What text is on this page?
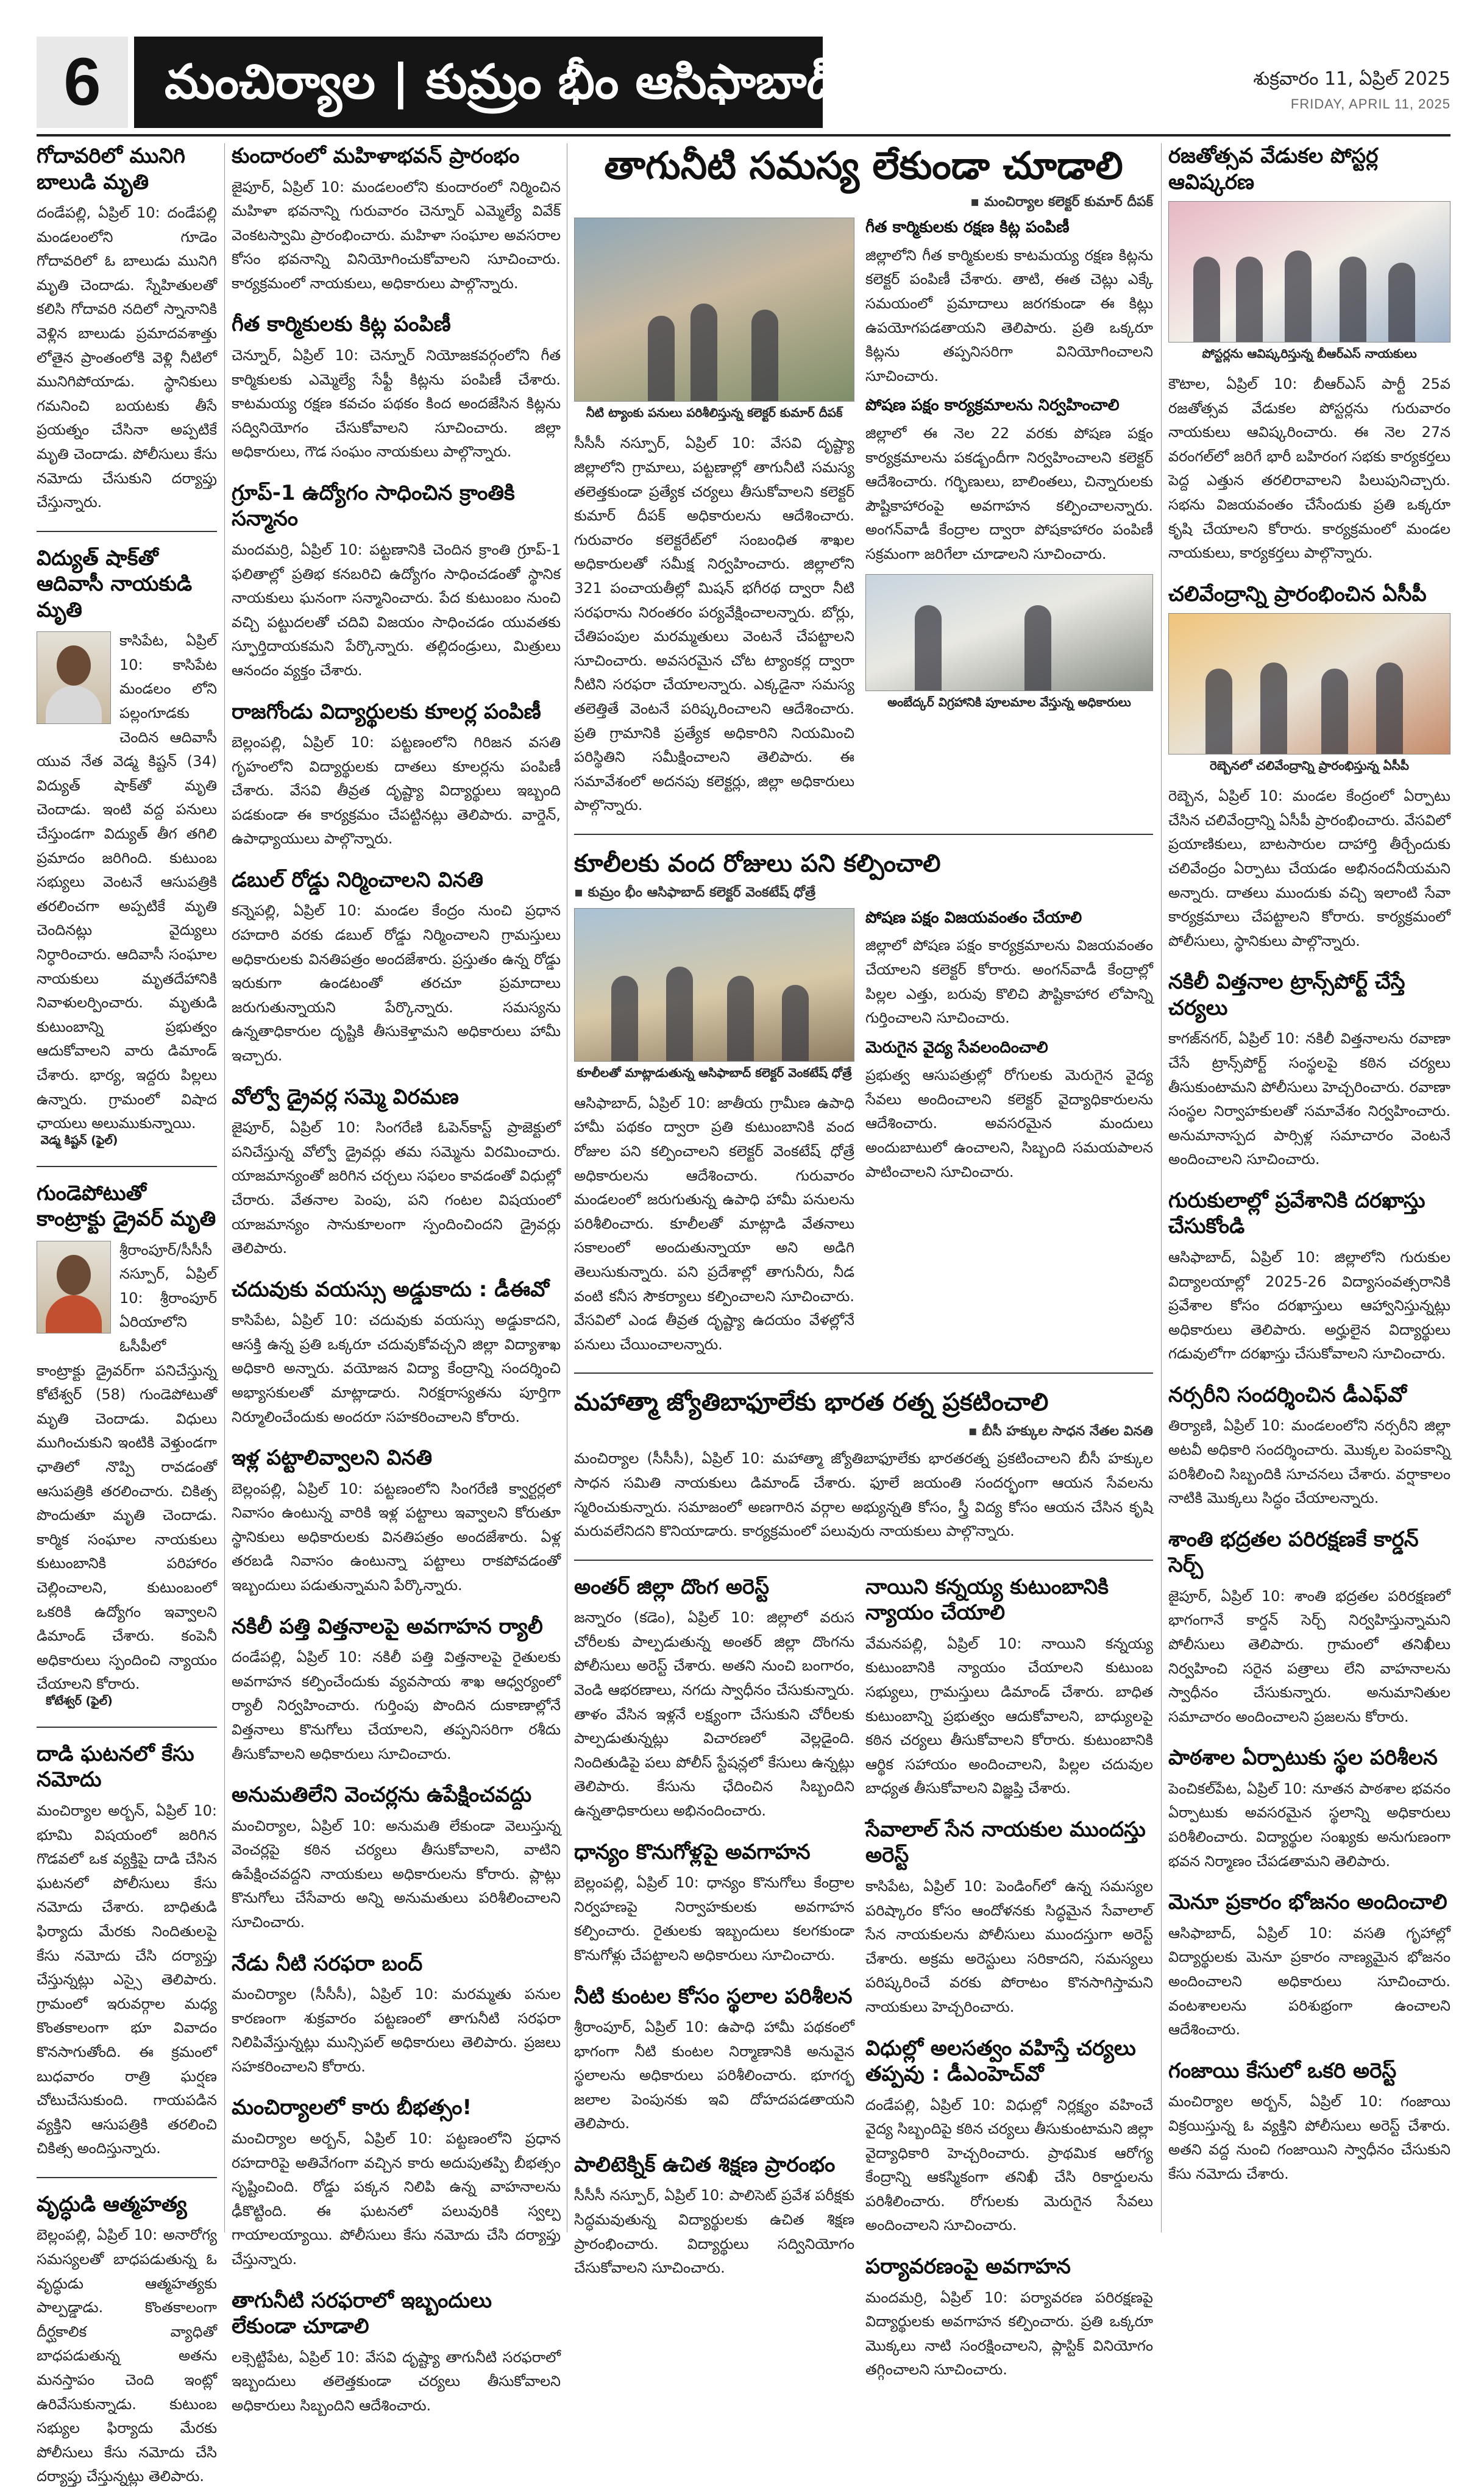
6	మంచిర్యాల | కుమ్రం భీం ఆసిఫాబాద్	శుక్రవారం 11, ఏప్రిల్ 2025
FRIDAY, APRIL 11, 2025
గోదావరిలో మునిగి బాలుడి మృతి

దండేపల్లి, ఏప్రిల్ 10: దండేపల్లి మండలంలోని గూడెం గోదావరిలో ఓ బాలుడు మునిగి మృతి చెందాడు. స్నేహితులతో కలిసి గోదావరి నదిలో స్నానానికి వెళ్లిన బాలుడు ప్రమాదవశాత్తు లోతైన ప్రాంతంలోకి వెళ్లి నీటిలో మునిగిపోయాడు. స్థానికులు గమనించి బయటకు తీసే ప్రయత్నం చేసినా అప్పటికే మృతి చెందాడు. పోలీసులు కేసు నమోదు చేసుకుని దర్యాప్తు చేస్తున్నారు.

విద్యుత్ షాక్‌తో ఆదివాసీ నాయకుడి మృతి

కాసిపేట, ఏప్రిల్ 10: కాసిపేట మండలం లోని పల్లంగూడకు చెందిన ఆదివాసీ యువ నేత వెడ్మ కిష్టన్ (34) విద్యుత్ షాక్‌తో మృతి చెందాడు. ఇంటి వద్ద పనులు చేస్తుండగా విద్యుత్ తీగ తగిలి ప్రమాదం జరిగింది. కుటుంబ సభ్యులు వెంటనే ఆసుపత్రికి తరలించగా అప్పటికే మృతి చెందినట్లు వైద్యులు నిర్ధారించారు. ఆదివాసీ సంఘాల నాయకులు మృతదేహానికి నివాళులర్పించారు. మృతుడి కుటుంబాన్ని ప్రభుత్వం ఆదుకోవాలని వారు డిమాండ్ చేశారు. భార్య, ఇద్దరు పిల్లలు ఉన్నారు. గ్రామంలో విషాద ఛాయలు అలుముకున్నాయి.

వెడ్మ కిష్టన్ (ఫైల్)
గుండెపోటుతో కాంట్రాక్టు డ్రైవర్ మృతి

శ్రీరాంపూర్/సీసీసీ నస్పూర్, ఏప్రిల్ 10: శ్రీరాంపూర్ ఏరియాలోని ఓసీపీలో కాంట్రాక్టు డ్రైవర్‌గా పనిచేస్తున్న కోటేశ్వర్ (58) గుండెపోటుతో మృతి చెందాడు. విధులు ముగించుకుని ఇంటికి వెళ్తుండగా ఛాతిలో నొప్పి రావడంతో ఆసుపత్రికి తరలించారు. చికిత్స పొందుతూ మృతి చెందాడు. కార్మిక సంఘాల నాయకులు కుటుంబానికి పరిహారం చెల్లించాలని, కుటుంబంలో ఒకరికి ఉద్యోగం ఇవ్వాలని డిమాండ్ చేశారు. కంపెనీ అధికారులు స్పందించి న్యాయం చేయాలని కోరారు.

కోటేశ్వర్ (ఫైల్)
దాడి ఘటనలో కేసు నమోదు

మంచిర్యాల అర్బన్, ఏప్రిల్ 10: భూమి విషయంలో జరిగిన గొడవలో ఒక వ్యక్తిపై దాడి చేసిన ఘటనలో పోలీసులు కేసు నమోదు చేశారు. బాధితుడి ఫిర్యాదు మేరకు నిందితులపై కేసు నమోదు చేసి దర్యాప్తు చేస్తున్నట్లు ఎస్సై తెలిపారు. గ్రామంలో ఇరువర్గాల మధ్య కొంతకాలంగా భూ వివాదం కొనసాగుతోంది. ఈ క్రమంలో బుధవారం రాత్రి ఘర్షణ చోటుచేసుకుంది. గాయపడిన వ్యక్తిని ఆసుపత్రికి తరలించి చికిత్స అందిస్తున్నారు.

వృద్ధుడి ఆత్మహత్య

బెల్లంపల్లి, ఏప్రిల్ 10: అనారోగ్య సమస్యలతో బాధపడుతున్న ఓ వృద్ధుడు ఆత్మహత్యకు పాల్పడ్డాడు. కొంతకాలంగా దీర్ఘకాలిక వ్యాధితో బాధపడుతున్న అతను మనస్తాపం చెంది ఇంట్లో ఉరివేసుకున్నాడు. కుటుంబ సభ్యుల ఫిర్యాదు మేరకు పోలీసులు కేసు నమోదు చేసి దర్యాప్తు చేస్తున్నట్లు తెలిపారు.

కుందారంలో మహిళాభవన్ ప్రారంభం

జైపూర్, ఏప్రిల్ 10: మండలంలోని కుందారంలో నిర్మించిన మహిళా భవనాన్ని గురువారం చెన్నూర్ ఎమ్మెల్యే వివేక్ వెంకటస్వామి ప్రారంభించారు. మహిళా సంఘాల అవసరాల కోసం భవనాన్ని వినియోగించుకోవాలని సూచించారు. కార్యక్రమంలో నాయకులు, అధికారులు పాల్గొన్నారు.

గీత కార్మికులకు కిట్ల పంపిణీ

చెన్నూర్, ఏప్రిల్ 10: చెన్నూర్ నియోజకవర్గంలోని గీత కార్మికులకు ఎమ్మెల్యే సేఫ్టీ కిట్లను పంపిణీ చేశారు. కాటమయ్య రక్షణ కవచం పథకం కింద అందజేసిన కిట్లను సద్వినియోగం చేసుకోవాలని సూచించారు. జిల్లా అధికారులు, గౌడ సంఘం నాయకులు పాల్గొన్నారు.

గ్రూప్-1 ఉద్యోగం సాధించిన క్రాంతికి సన్మానం

మందమర్రి, ఏప్రిల్ 10: పట్టణానికి చెందిన క్రాంతి గ్రూప్-1 ఫలితాల్లో ప్రతిభ కనబరిచి ఉద్యోగం సాధించడంతో స్థానిక నాయకులు ఘనంగా సన్మానించారు. పేద కుటుంబం నుంచి వచ్చి పట్టుదలతో చదివి విజయం సాధించడం యువతకు స్ఫూర్తిదాయకమని పేర్కొన్నారు. తల్లిదండ్రులు, మిత్రులు ఆనందం వ్యక్తం చేశారు.

రాజగోండు విద్యార్థులకు కూలర్ల పంపిణీ

బెల్లంపల్లి, ఏప్రిల్ 10: పట్టణంలోని గిరిజన వసతి గృహంలోని విద్యార్థులకు దాతలు కూలర్లను పంపిణీ చేశారు. వేసవి తీవ్రత దృష్ట్యా విద్యార్థులు ఇబ్బంది పడకుండా ఈ కార్యక్రమం చేపట్టినట్లు తెలిపారు. వార్డెన్, ఉపాధ్యాయులు పాల్గొన్నారు.

డబుల్ రోడ్డు నిర్మించాలని వినతి

కన్నెపల్లి, ఏప్రిల్ 10: మండల కేంద్రం నుంచి ప్రధాన రహదారి వరకు డబుల్ రోడ్డు నిర్మించాలని గ్రామస్తులు అధికారులకు వినతిపత్రం అందజేశారు. ప్రస్తుతం ఉన్న రోడ్డు ఇరుకుగా ఉండటంతో తరచూ ప్రమాదాలు జరుగుతున్నాయని పేర్కొన్నారు. సమస్యను ఉన్నతాధికారుల దృష్టికి తీసుకెళ్తామని అధికారులు హామీ ఇచ్చారు.

వోల్వో డ్రైవర్ల సమ్మె విరమణ

జైపూర్, ఏప్రిల్ 10: సింగరేణి ఓపెన్‌కాస్ట్ ప్రాజెక్టులో పనిచేస్తున్న వోల్వో డ్రైవర్లు తమ సమ్మెను విరమించారు. యాజమాన్యంతో జరిగిన చర్చలు సఫలం కావడంతో విధుల్లో చేరారు. వేతనాల పెంపు, పని గంటల విషయంలో యాజమాన్యం సానుకూలంగా స్పందించిందని డ్రైవర్లు తెలిపారు.

చదువుకు వయస్సు అడ్డుకాదు : డీఈవో

కాసిపేట, ఏప్రిల్ 10: చదువుకు వయస్సు అడ్డుకాదని, ఆసక్తి ఉన్న ప్రతి ఒక్కరూ చదువుకోవచ్చని జిల్లా విద్యాశాఖ అధికారి అన్నారు. వయోజన విద్యా కేంద్రాన్ని సందర్శించి అభ్యాసకులతో మాట్లాడారు. నిరక్షరాస్యతను పూర్తిగా నిర్మూలించేందుకు అందరూ సహకరించాలని కోరారు.

ఇళ్ల పట్టాలివ్వాలని వినతి

బెల్లంపల్లి, ఏప్రిల్ 10: పట్టణంలోని సింగరేణి క్వార్టర్లలో నివాసం ఉంటున్న వారికి ఇళ్ల పట్టాలు ఇవ్వాలని కోరుతూ స్థానికులు అధికారులకు వినతిపత్రం అందజేశారు. ఏళ్ల తరబడి నివాసం ఉంటున్నా పట్టాలు రాకపోవడంతో ఇబ్బందులు పడుతున్నామని పేర్కొన్నారు.

నకిలీ పత్తి విత్తనాలపై అవగాహన ర్యాలీ

దండేపల్లి, ఏప్రిల్ 10: నకిలీ పత్తి విత్తనాలపై రైతులకు అవగాహన కల్పించేందుకు వ్యవసాయ శాఖ ఆధ్వర్యంలో ర్యాలీ నిర్వహించారు. గుర్తింపు పొందిన దుకాణాల్లోనే విత్తనాలు కొనుగోలు చేయాలని, తప్పనిసరిగా రశీదు తీసుకోవాలని అధికారులు సూచించారు.

అనుమతిలేని వెంచర్లను ఉపేక్షించవద్దు

మంచిర్యాల, ఏప్రిల్ 10: అనుమతి లేకుండా వెలుస్తున్న వెంచర్లపై కఠిన చర్యలు తీసుకోవాలని, వాటిని ఉపేక్షించవద్దని నాయకులు అధికారులను కోరారు. ప్లాట్లు కొనుగోలు చేసేవారు అన్ని అనుమతులు పరిశీలించాలని సూచించారు.

నేడు నీటి సరఫరా బంద్

మంచిర్యాల (సీసీసీ), ఏప్రిల్ 10: మరమ్మతు పనుల కారణంగా శుక్రవారం పట్టణంలో తాగునీటి సరఫరా నిలిపివేస్తున్నట్లు మున్సిపల్ అధికారులు తెలిపారు. ప్రజలు సహకరించాలని కోరారు.

మంచిర్యాలలో కారు బీభత్సం!

మంచిర్యాల అర్బన్, ఏప్రిల్ 10: పట్టణంలోని ప్రధాన రహదారిపై అతివేగంగా వచ్చిన కారు అదుపుతప్పి బీభత్సం సృష్టించింది. రోడ్డు పక్కన నిలిపి ఉన్న వాహనాలను ఢీకొట్టింది. ఈ ఘటనలో పలువురికి స్వల్ప గాయాలయ్యాయి. పోలీసులు కేసు నమోదు చేసి దర్యాప్తు చేస్తున్నారు.

తాగునీటి సరఫరాలో ఇబ్బందులు లేకుండా చూడాలి

లక్సెట్టిపేట, ఏప్రిల్ 10: వేసవి దృష్ట్యా తాగునీటి సరఫరాలో ఇబ్బందులు తలెత్తకుండా చర్యలు తీసుకోవాలని అధికారులు సిబ్బందిని ఆదేశించారు.

తాగునీటి సమస్య లేకుండా చూడాలి
▪ మంచిర్యాల కలెక్టర్ కుమార్ దీపక్
నీటి ట్యాంకు పనులు పరిశీలిస్తున్న కలెక్టర్ కుమార్ దీపక్

సీసీసీ నస్పూర్, ఏప్రిల్ 10: వేసవి దృష్ట్యా జిల్లాలోని గ్రామాలు, పట్టణాల్లో తాగునీటి సమస్య తలెత్తకుండా ప్రత్యేక చర్యలు తీసుకోవాలని కలెక్టర్ కుమార్ దీపక్ అధికారులను ఆదేశించారు. గురువారం కలెక్టరేట్‌లో సంబంధిత శాఖల అధికారులతో సమీక్ష నిర్వహించారు. జిల్లాలోని 321 పంచాయతీల్లో మిషన్ భగీరథ ద్వారా నీటి సరఫరాను నిరంతరం పర్యవేక్షించాలన్నారు. బోర్లు, చేతిపంపుల మరమ్మతులు వెంటనే చేపట్టాలని సూచించారు. అవసరమైన చోట ట్యాంకర్ల ద్వారా నీటిని సరఫరా చేయాలన్నారు. ఎక్కడైనా సమస్య తలెత్తితే వెంటనే పరిష్కరించాలని ఆదేశించారు. ప్రతి గ్రామానికి ప్రత్యేక అధికారిని నియమించి పరిస్థితిని సమీక్షించాలని తెలిపారు. ఈ సమావేశంలో అదనపు కలెక్టర్లు, జిల్లా అధికారులు పాల్గొన్నారు.

గీత కార్మికులకు రక్షణ కిట్ల పంపిణీ

జిల్లాలోని గీత కార్మికులకు కాటమయ్య రక్షణ కిట్లను కలెక్టర్ పంపిణీ చేశారు. తాటి, ఈత చెట్లు ఎక్కే సమయంలో ప్రమాదాలు జరగకుండా ఈ కిట్లు ఉపయోగపడతాయని తెలిపారు. ప్రతి ఒక్కరూ కిట్లను తప్పనిసరిగా వినియోగించాలని సూచించారు.

పోషణ పక్షం కార్యక్రమాలను నిర్వహించాలి

జిల్లాలో ఈ నెల 22 వరకు పోషణ పక్షం కార్యక్రమాలను పకడ్బందీగా నిర్వహించాలని కలెక్టర్ ఆదేశించారు. గర్భిణులు, బాలింతలు, చిన్నారులకు పౌష్టికాహారంపై అవగాహన కల్పించాలన్నారు. అంగన్‌వాడీ కేంద్రాల ద్వారా పోషకాహారం పంపిణీ సక్రమంగా జరిగేలా చూడాలని సూచించారు.

అంబేద్కర్ విగ్రహానికి పూలమాల వేస్తున్న అధికారులు
కూలీలకు వంద రోజులు పని కల్పించాలి
▪ కుమ్రం భీం ఆసిఫాబాద్ కలెక్టర్ వెంకటేష్ ధోత్రే
కూలీలతో మాట్లాడుతున్న ఆసిఫాబాద్ కలెక్టర్ వెంకటేష్ ధోత్రే

ఆసిఫాబాద్, ఏప్రిల్ 10: జాతీయ గ్రామీణ ఉపాధి హామీ పథకం ద్వారా ప్రతి కుటుంబానికి వంద రోజుల పని కల్పించాలని కలెక్టర్ వెంకటేష్ ధోత్రే అధికారులను ఆదేశించారు. గురువారం మండలంలో జరుగుతున్న ఉపాధి హామీ పనులను పరిశీలించారు. కూలీలతో మాట్లాడి వేతనాలు సకాలంలో అందుతున్నాయా అని అడిగి తెలుసుకున్నారు. పని ప్రదేశాల్లో తాగునీరు, నీడ వంటి కనీస సౌకర్యాలు కల్పించాలని సూచించారు. వేసవిలో ఎండ తీవ్రత దృష్ట్యా ఉదయం వేళల్లోనే పనులు చేయించాలన్నారు.

పోషణ పక్షం విజయవంతం చేయాలి

జిల్లాలో పోషణ పక్షం కార్యక్రమాలను విజయవంతం చేయాలని కలెక్టర్ కోరారు. అంగన్‌వాడీ కేంద్రాల్లో పిల్లల ఎత్తు, బరువు కొలిచి పౌష్టికాహార లోపాన్ని గుర్తించాలని సూచించారు.

మెరుగైన వైద్య సేవలందించాలి

ప్రభుత్వ ఆసుపత్రుల్లో రోగులకు మెరుగైన వైద్య సేవలు అందించాలని కలెక్టర్ వైద్యాధికారులను ఆదేశించారు. అవసరమైన మందులు అందుబాటులో ఉంచాలని, సిబ్బంది సమయపాలన పాటించాలని సూచించారు.

మహాత్మా జ్యోతిబాఫూలేకు భారత రత్న ప్రకటించాలి
▪ బీసీ హక్కుల సాధన నేతల వినతి

మంచిర్యాల (సీసీసీ), ఏప్రిల్ 10: మహాత్మా జ్యోతిబాఫూలేకు భారతరత్న ప్రకటించాలని బీసీ హక్కుల సాధన సమితి నాయకులు డిమాండ్ చేశారు. ఫూలే జయంతి సందర్భంగా ఆయన సేవలను స్మరించుకున్నారు. సమాజంలో అణగారిన వర్గాల అభ్యున్నతి కోసం, స్త్రీ విద్య కోసం ఆయన చేసిన కృషి మరువలేనిదని కొనియాడారు. కార్యక్రమంలో పలువురు నాయకులు పాల్గొన్నారు.

అంతర్ జిల్లా దొంగ అరెస్ట్

జన్నారం (కడెం), ఏప్రిల్ 10: జిల్లాలో వరుస చోరీలకు పాల్పడుతున్న అంతర్ జిల్లా దొంగను పోలీసులు అరెస్ట్ చేశారు. అతని నుంచి బంగారం, వెండి ఆభరణాలు, నగదు స్వాధీనం చేసుకున్నారు. తాళం వేసిన ఇళ్లనే లక్ష్యంగా చేసుకుని చోరీలకు పాల్పడుతున్నట్లు విచారణలో వెల్లడైంది. నిందితుడిపై పలు పోలీస్ స్టేషన్లలో కేసులు ఉన్నట్లు తెలిపారు. కేసును ఛేదించిన సిబ్బందిని ఉన్నతాధికారులు అభినందించారు.

ధాన్యం కొనుగోళ్లపై అవగాహన

బెల్లంపల్లి, ఏప్రిల్ 10: ధాన్యం కొనుగోలు కేంద్రాల నిర్వహణపై నిర్వాహకులకు అవగాహన కల్పించారు. రైతులకు ఇబ్బందులు కలగకుండా కొనుగోళ్లు చేపట్టాలని అధికారులు సూచించారు.

నీటి కుంటల కోసం స్థలాల పరిశీలన

శ్రీరాంపూర్, ఏప్రిల్ 10: ఉపాధి హామీ పథకంలో భాగంగా నీటి కుంటల నిర్మాణానికి అనువైన స్థలాలను అధికారులు పరిశీలించారు. భూగర్భ జలాల పెంపునకు ఇవి దోహదపడతాయని తెలిపారు.

పాలిటెక్నిక్ ఉచిత శిక్షణ ప్రారంభం

సీసీసీ నస్పూర్, ఏప్రిల్ 10: పాలిసెట్ ప్రవేశ పరీక్షకు సిద్ధమవుతున్న విద్యార్థులకు ఉచిత శిక్షణ ప్రారంభించారు. విద్యార్థులు సద్వినియోగం చేసుకోవాలని సూచించారు.

నాయిని కన్నయ్య కుటుంబానికి న్యాయం చేయాలి

వేమనపల్లి, ఏప్రిల్ 10: నాయిని కన్నయ్య కుటుంబానికి న్యాయం చేయాలని కుటుంబ సభ్యులు, గ్రామస్తులు డిమాండ్ చేశారు. బాధిత కుటుంబాన్ని ప్రభుత్వం ఆదుకోవాలని, బాధ్యులపై కఠిన చర్యలు తీసుకోవాలని కోరారు. కుటుంబానికి ఆర్థిక సహాయం అందించాలని, పిల్లల చదువుల బాధ్యత తీసుకోవాలని విజ్ఞప్తి చేశారు.

సేవాలాల్ సేన నాయకుల ముందస్తు అరెస్ట్

కాసిపేట, ఏప్రిల్ 10: పెండింగ్‌లో ఉన్న సమస్యల పరిష్కారం కోసం ఆందోళనకు సిద్ధమైన సేవాలాల్ సేన నాయకులను పోలీసులు ముందస్తుగా అరెస్ట్ చేశారు. అక్రమ అరెస్టులు సరికాదని, సమస్యలు పరిష్కరించే వరకు పోరాటం కొనసాగిస్తామని నాయకులు హెచ్చరించారు.

విధుల్లో అలసత్వం వహిస్తే చర్యలు తప్పవు : డీఎంహెచ్‌వో

దండేపల్లి, ఏప్రిల్ 10: విధుల్లో నిర్లక్ష్యం వహించే వైద్య సిబ్బందిపై కఠిన చర్యలు తీసుకుంటామని జిల్లా వైద్యాధికారి హెచ్చరించారు. ప్రాథమిక ఆరోగ్య కేంద్రాన్ని ఆకస్మికంగా తనిఖీ చేసి రికార్డులను పరిశీలించారు. రోగులకు మెరుగైన సేవలు అందించాలని సూచించారు.

పర్యావరణంపై అవగాహన

మందమర్రి, ఏప్రిల్ 10: పర్యావరణ పరిరక్షణపై విద్యార్థులకు అవగాహన కల్పించారు. ప్రతి ఒక్కరూ మొక్కలు నాటి సంరక్షించాలని, ప్లాస్టిక్ వినియోగం తగ్గించాలని సూచించారు.

రజతోత్సవ వేడుకల పోస్టర్ల ఆవిష్కరణ
పోస్టర్లను ఆవిష్కరిస్తున్న బీఆర్ఎస్ నాయకులు

కౌటాల, ఏప్రిల్ 10: బీఆర్ఎస్ పార్టీ 25వ రజతోత్సవ వేడుకల పోస్టర్లను గురువారం నాయకులు ఆవిష్కరించారు. ఈ నెల 27న వరంగల్‌లో జరిగే భారీ బహిరంగ సభకు కార్యకర్తలు పెద్ద ఎత్తున తరలిరావాలని పిలుపునిచ్చారు. సభను విజయవంతం చేసేందుకు ప్రతి ఒక్కరూ కృషి చేయాలని కోరారు. కార్యక్రమంలో మండల నాయకులు, కార్యకర్తలు పాల్గొన్నారు.

చలివేంద్రాన్ని ప్రారంభించిన ఏసీపీ
రెబ్బెనలో చలివేంద్రాన్ని ప్రారంభిస్తున్న ఏసీపీ

రెబ్బెన, ఏప్రిల్ 10: మండల కేంద్రంలో ఏర్పాటు చేసిన చలివేంద్రాన్ని ఏసీపీ ప్రారంభించారు. వేసవిలో ప్రయాణికులు, బాటసారుల దాహార్తి తీర్చేందుకు చలివేంద్రం ఏర్పాటు చేయడం అభినందనీయమని అన్నారు. దాతలు ముందుకు వచ్చి ఇలాంటి సేవా కార్యక్రమాలు చేపట్టాలని కోరారు. కార్యక్రమంలో పోలీసులు, స్థానికులు పాల్గొన్నారు.

నకిలీ విత్తనాల ట్రాన్స్‌పోర్ట్ చేస్తే చర్యలు

కాగజ్‌నగర్, ఏప్రిల్ 10: నకిలీ విత్తనాలను రవాణా చేసే ట్రాన్స్‌పోర్ట్ సంస్థలపై కఠిన చర్యలు తీసుకుంటామని పోలీసులు హెచ్చరించారు. రవాణా సంస్థల నిర్వాహకులతో సమావేశం నిర్వహించారు. అనుమానాస్పద పార్సిళ్ల సమాచారం వెంటనే అందించాలని సూచించారు.

గురుకులాల్లో ప్రవేశానికి దరఖాస్తు చేసుకోండి

ఆసిఫాబాద్, ఏప్రిల్ 10: జిల్లాలోని గురుకుల విద్యాలయాల్లో 2025-26 విద్యాసంవత్సరానికి ప్రవేశాల కోసం దరఖాస్తులు ఆహ్వానిస్తున్నట్లు అధికారులు తెలిపారు. అర్హులైన విద్యార్థులు గడువులోగా దరఖాస్తు చేసుకోవాలని సూచించారు.

నర్సరీని సందర్శించిన డీఎఫ్‌వో

తిర్యాణి, ఏప్రిల్ 10: మండలంలోని నర్సరీని జిల్లా అటవీ అధికారి సందర్శించారు. మొక్కల పెంపకాన్ని పరిశీలించి సిబ్బందికి సూచనలు చేశారు. వర్షాకాలం నాటికి మొక్కలు సిద్ధం చేయాలన్నారు.

శాంతి భద్రతల పరిరక్షణకే కార్డన్ సెర్చ్

జైపూర్, ఏప్రిల్ 10: శాంతి భద్రతల పరిరక్షణలో భాగంగానే కార్డన్ సెర్చ్ నిర్వహిస్తున్నామని పోలీసులు తెలిపారు. గ్రామంలో తనిఖీలు నిర్వహించి సరైన పత్రాలు లేని వాహనాలను స్వాధీనం చేసుకున్నారు. అనుమానితుల సమాచారం అందించాలని ప్రజలను కోరారు.

పాఠశాల ఏర్పాటుకు స్థల పరిశీలన

పెంచికల్‌పేట, ఏప్రిల్ 10: నూతన పాఠశాల భవనం ఏర్పాటుకు అవసరమైన స్థలాన్ని అధికారులు పరిశీలించారు. విద్యార్థుల సంఖ్యకు అనుగుణంగా భవన నిర్మాణం చేపడతామని తెలిపారు.

మెనూ ప్రకారం భోజనం అందించాలి

ఆసిఫాబాద్, ఏప్రిల్ 10: వసతి గృహాల్లో విద్యార్థులకు మెనూ ప్రకారం నాణ్యమైన భోజనం అందించాలని అధికారులు సూచించారు. వంటశాలలను పరిశుభ్రంగా ఉంచాలని ఆదేశించారు.

గంజాయి కేసులో ఒకరి అరెస్ట్

మంచిర్యాల అర్బన్, ఏప్రిల్ 10: గంజాయి విక్రయిస్తున్న ఓ వ్యక్తిని పోలీసులు అరెస్ట్ చేశారు. అతని వద్ద నుంచి గంజాయిని స్వాధీనం చేసుకుని కేసు నమోదు చేశారు.
